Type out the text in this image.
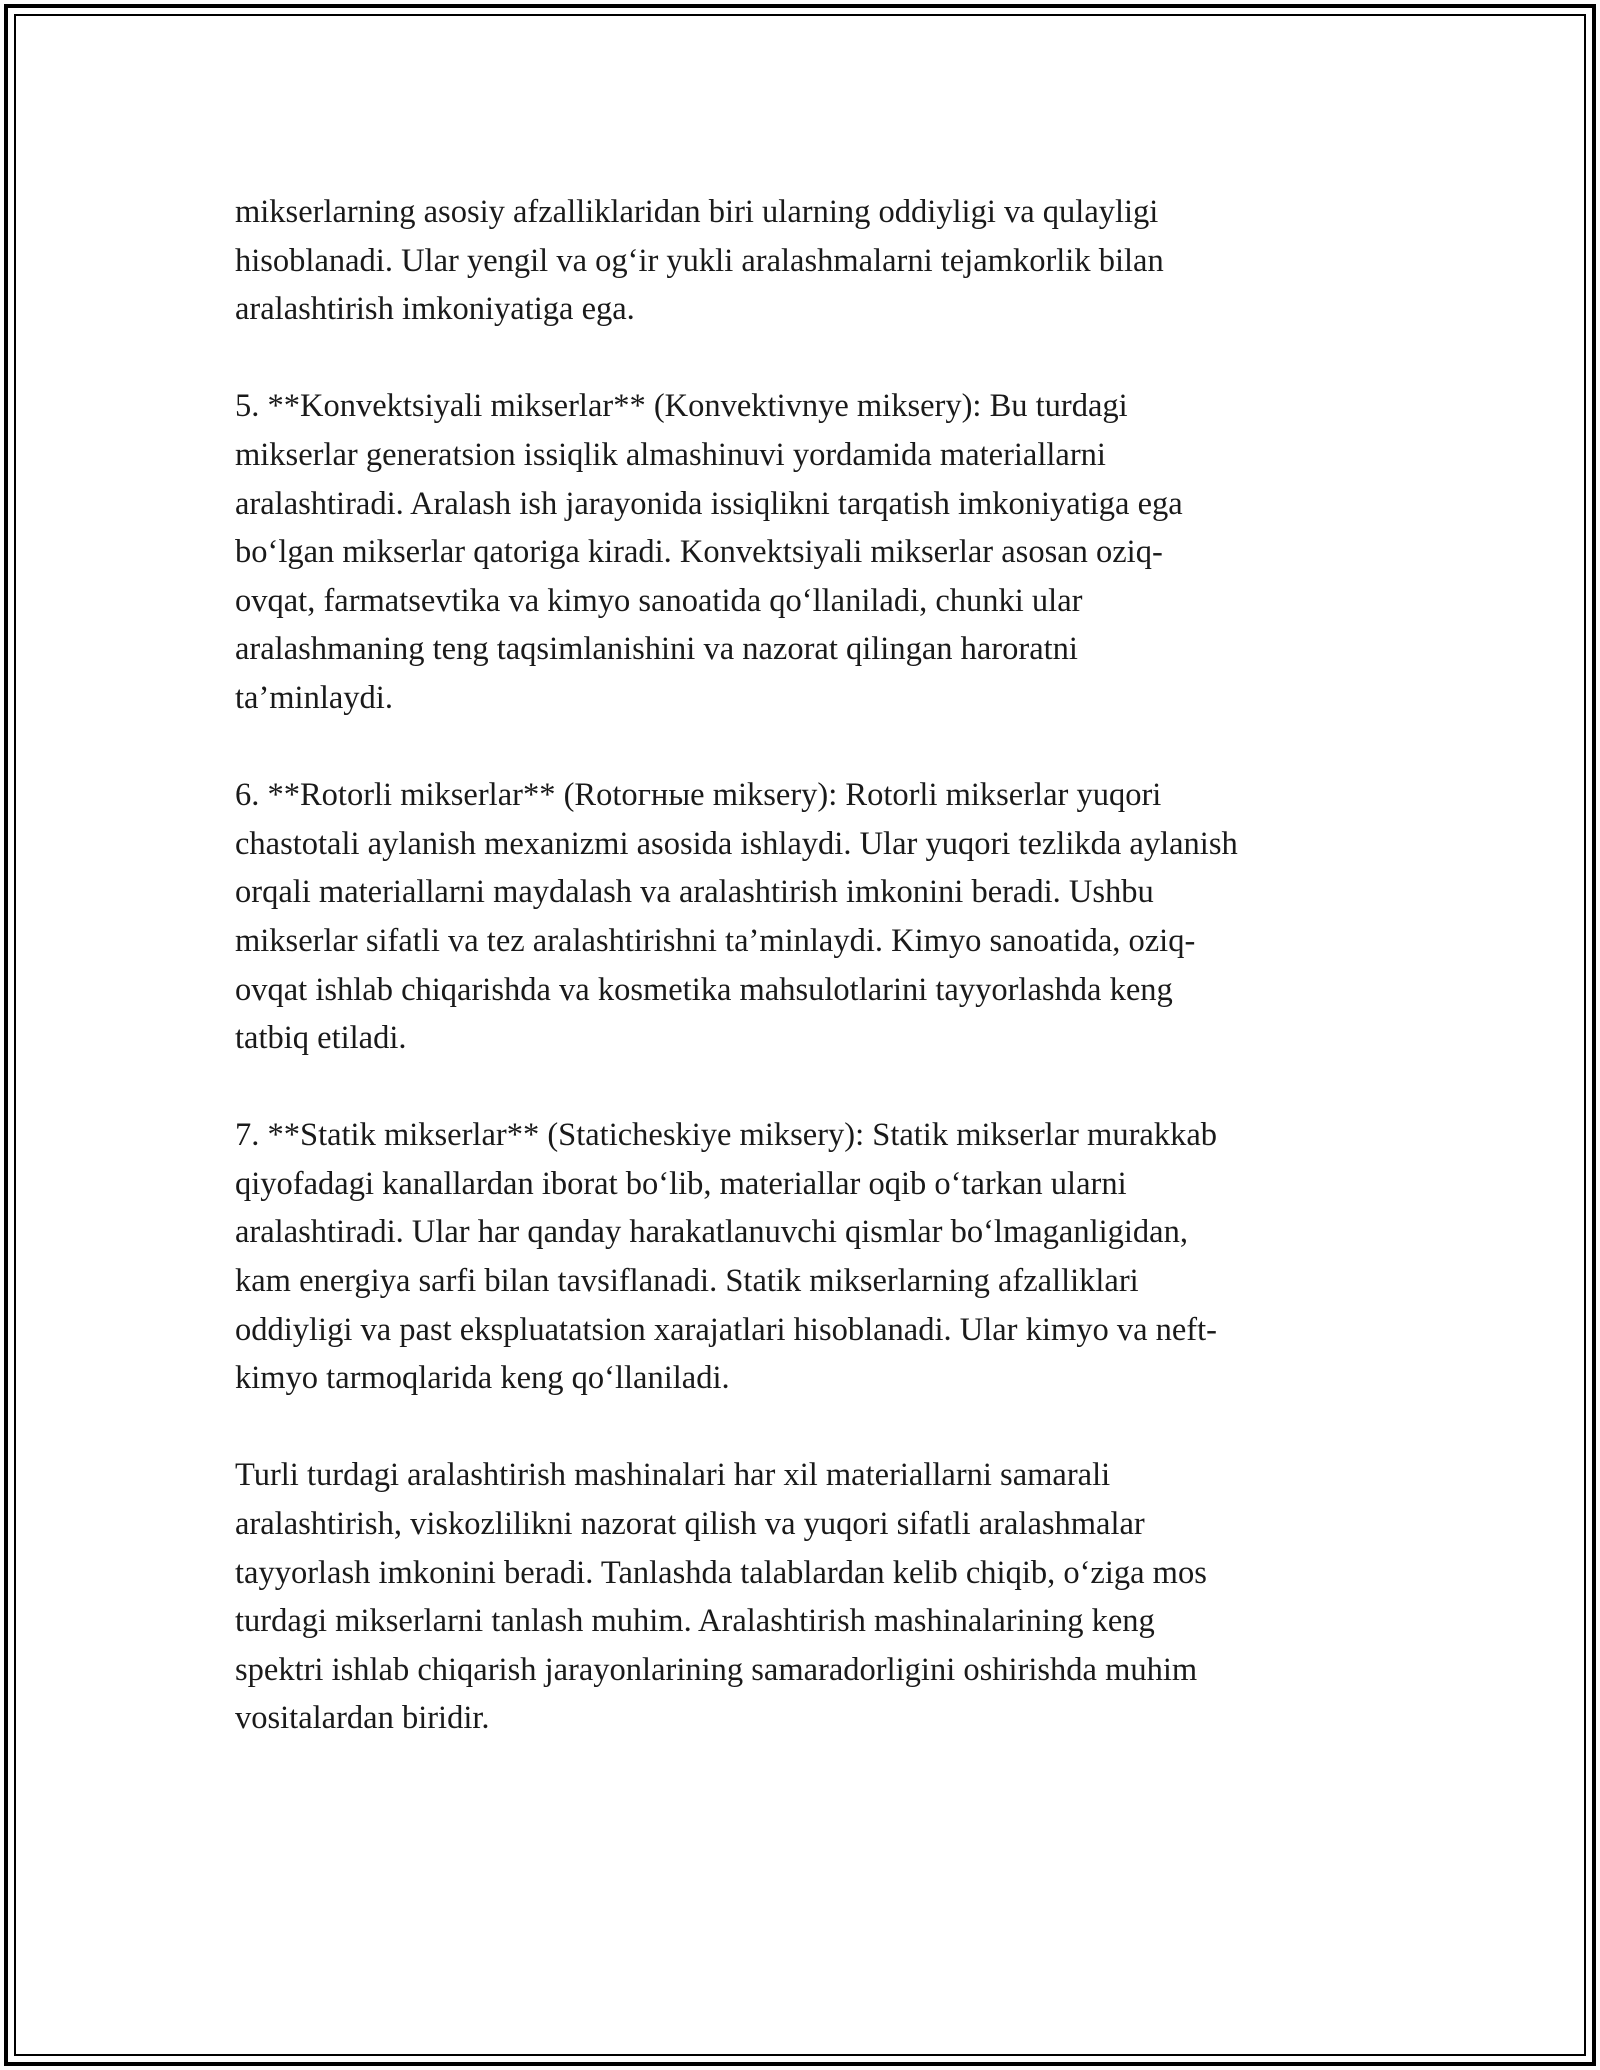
mikserlarning asosiy afzalliklaridan biri ularning oddiyligi va qulayligi
hisoblanadi. Ular yengil va og‘ir yukli aralashmalarni tejamkorlik bilan
aralashtirish imkoniyatiga ega.

5. **Konvektsiyali mikserlar** (Konvektivnye miksery): Bu turdagi
mikserlar generatsion issiqlik almashinuvi yordamida materiallarni
aralashtiradi. Aralash ish jarayonida issiqlikni tarqatish imkoniyatiga ega
bo‘lgan mikserlar qatoriga kiradi. Konvektsiyali mikserlar asosan oziq-
ovqat, farmatsevtika va kimyo sanoatida qo‘llaniladi, chunki ular
aralashmaning teng taqsimlanishini va nazorat qilingan haroratni
ta’minlaydi.

6. **Rotorli mikserlar** (Rotoгные miksery): Rotorli mikserlar yuqori
chastotali aylanish mexanizmi asosida ishlaydi. Ular yuqori tezlikda aylanish
orqali materiallarni maydalash va aralashtirish imkonini beradi. Ushbu
mikserlar sifatli va tez aralashtirishni ta’minlaydi. Kimyo sanoatida, oziq-
ovqat ishlab chiqarishda va kosmetika mahsulotlarini tayyorlashda keng
tatbiq etiladi.

7. **Statik mikserlar** (Staticheskiye miksery): Statik mikserlar murakkab
qiyofadagi kanallardan iborat bo‘lib, materiallar oqib o‘tarkan ularni
aralashtiradi. Ular har qanday harakatlanuvchi qismlar bo‘lmaganligidan,
kam energiya sarfi bilan tavsiflanadi. Statik mikserlarning afzalliklari
oddiyligi va past ekspluatatsion xarajatlari hisoblanadi. Ular kimyo va neft-
kimyo tarmoqlarida keng qo‘llaniladi.

Turli turdagi aralashtirish mashinalari har xil materiallarni samarali
aralashtirish, viskozlilikni nazorat qilish va yuqori sifatli aralashmalar
tayyorlash imkonini beradi. Tanlashda talablardan kelib chiqib, o‘ziga mos
turdagi mikserlarni tanlash muhim. Aralashtirish mashinalarining keng
spektri ishlab chiqarish jarayonlarining samaradorligini oshirishda muhim
vositalardan biridir.
